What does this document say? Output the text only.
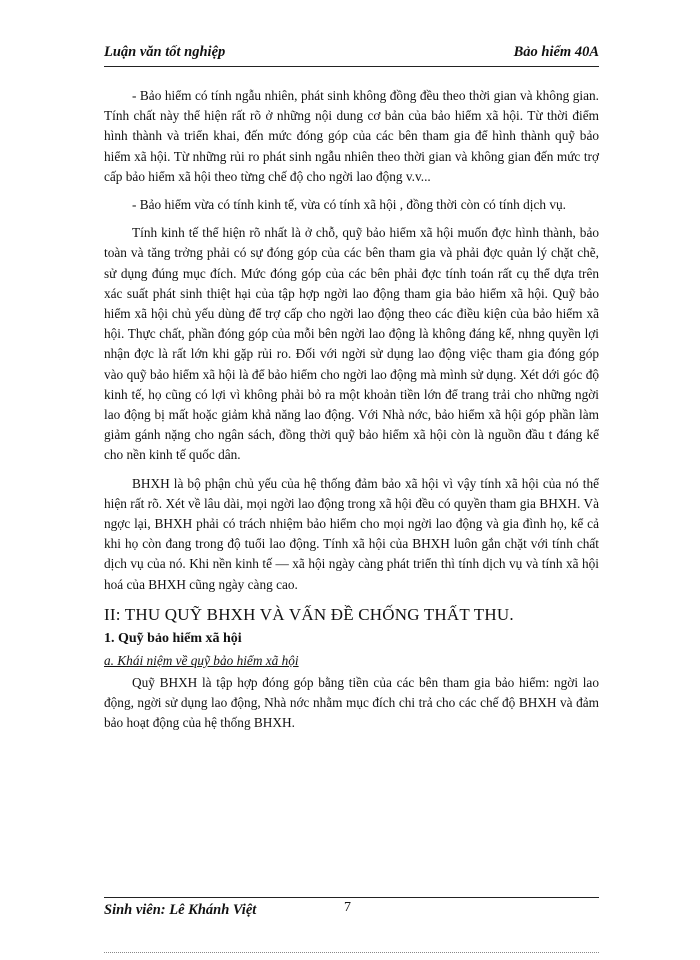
Luận văn tốt nghiệp	Bảo hiểm 40A

- Bảo hiểm có tính ngẫu nhiên, phát sinh không đồng đều theo thời gian và không gian. Tính chất này thể hiện rất rõ ở những nội dung cơ bản của bảo hiểm xã hội. Từ thời điểm hình thành và triển khai, đến mức đóng góp của các bên tham gia để hình thành quỹ bảo hiểm xã hội. Từ những rủi ro phát sinh ngẫu nhiên theo thời gian và không gian đến mức trợ cấp bảo hiểm xã hội theo từng chế độ cho ngời lao động v.v...

- Bảo hiểm vừa có tính kinh tế, vừa có tính xã hội , đồng thời còn có tính dịch vụ.

Tính kinh tế thể hiện rõ nhất là ở chỗ, quỹ bảo hiểm xã hội muốn đợc hình thành, bảo toàn và tăng trởng phải có sự đóng góp của các bên tham gia và phải đợc quản lý chặt chẽ, sử dụng đúng mục đích. Mức đóng góp của các bên phải đợc tính toán rất cụ thể dựa trên xác suất phát sinh thiệt hại của tập hợp ngời lao động tham gia bảo hiểm xã hội. Quỹ bảo hiểm xã hội chủ yếu dùng để trợ cấp cho ngời lao động theo các điều kiện của bảo hiểm xã hội. Thực chất, phần đóng góp của mỗi bên ngời lao động là không đáng kể, nhng quyền lợi nhận đợc là rất lớn khi gặp rủi ro. Đối với ngời sử dụng lao động việc tham gia đóng góp vào quỹ bảo hiểm xã hội là để bảo hiểm cho ngời lao động mà mình sử dụng. Xét dới góc độ kinh tế, họ cũng có lợi vì không phải bỏ ra một khoản tiền lớn để trang trải cho những ngời lao động bị mất hoặc giảm khả năng lao động. Với Nhà nớc, bảo hiểm xã hội góp phần làm giảm gánh nặng cho ngân sách, đồng thời quỹ bảo hiểm xã hội còn là nguồn đầu t đáng kể cho nền kinh tế quốc dân.

BHXH là bộ phận chủ yếu của hệ thống đảm bảo xã hội vì vậy tính xã hội của nó thể hiện rất rõ. Xét về lâu dài, mọi ngời lao động trong xã hội đều có quyền tham gia BHXH. Và ngợc lại, BHXH phải có trách nhiệm bảo hiểm cho mọi ngời lao động và gia đình họ, kể cả khi họ còn đang trong độ tuổi lao động. Tính xã hội của BHXH luôn gắn chặt với tính chất dịch vụ của nó. Khi nền kinh tế — xã hội ngày càng phát triển thì tính dịch vụ và tính xã hội hoá của BHXH cũng ngày càng cao.

II: THU QUỸ BHXH VÀ VẤN ĐỀ CHỐNG THẤT THU.
1. Quỹ bảo hiểm xã hội
a. Khái niệm về quỹ bảo hiểm xã hội

Quỹ BHXH là tập hợp đóng góp bằng tiền của các bên tham gia bảo hiểm: ngời lao động, ngời sử dụng lao động, Nhà nớc nhằm mục đích chi trả cho các chế độ BHXH và đảm bảo hoạt động của hệ thống BHXH.

Sinh viên: Lê Khánh Việt	7
